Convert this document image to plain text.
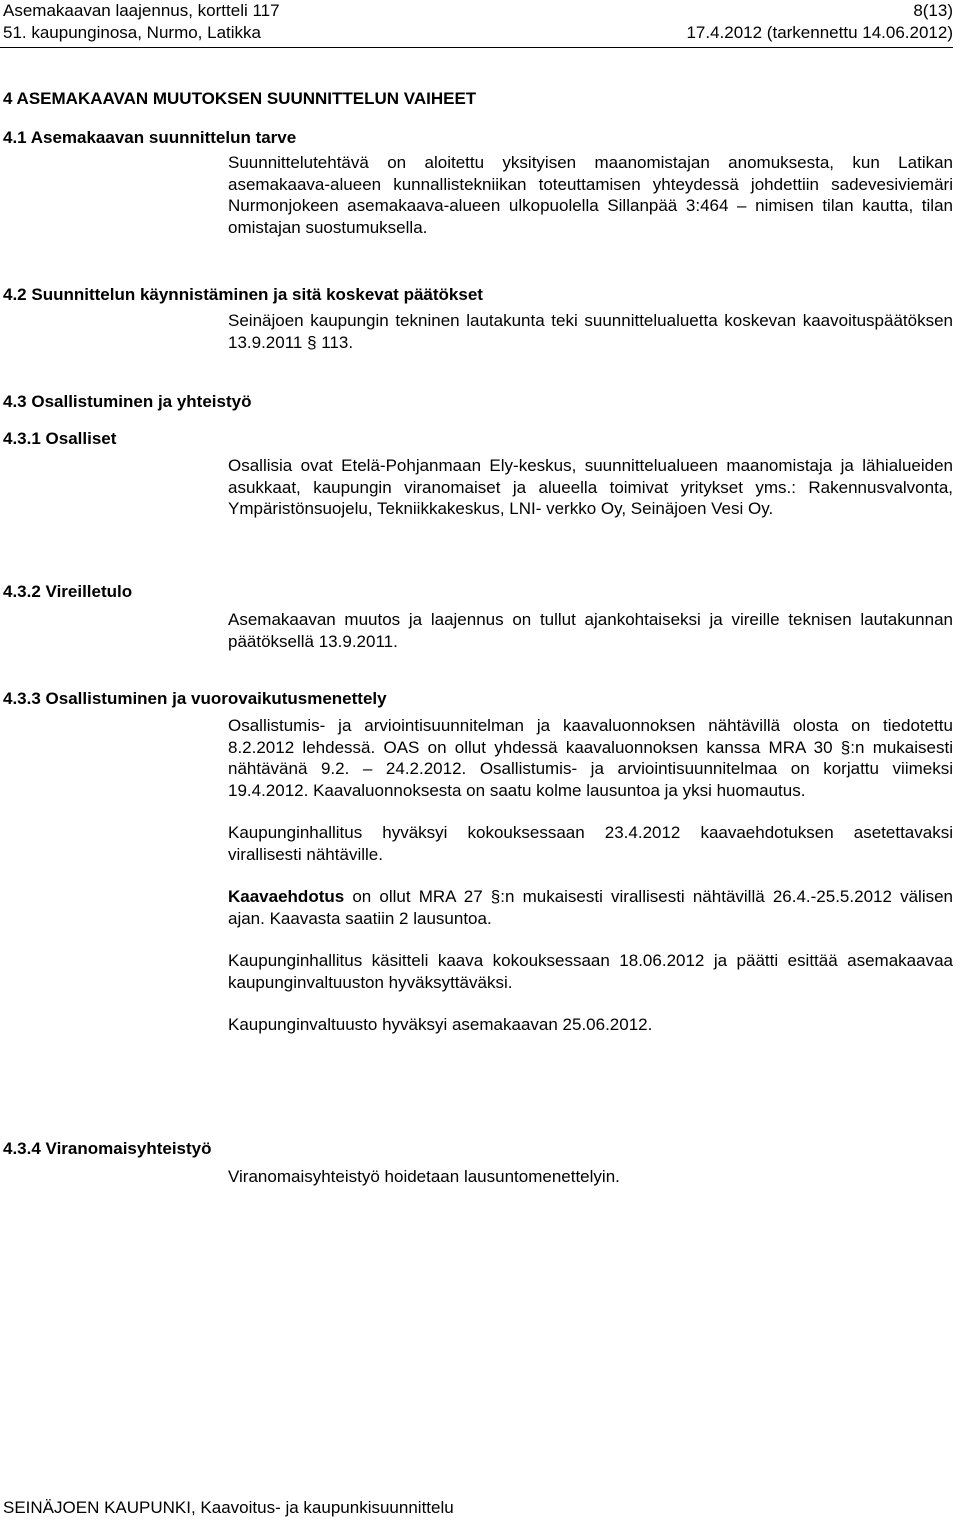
Asemakaavan laajennus, kortteli 117	8(13)
51. kaupunginosa, Nurmo, Latikka	17.4.2012 (tarkennettu 14.06.2012)
4 ASEMAKAAVAN MUUTOKSEN SUUNNITTELUN VAIHEET
4.1 Asemakaavan suunnittelun tarve

Suunnittelutehtävä on aloitettu yksityisen maanomistajan anomuksesta, kun Latikan asemakaava-alueen kunnallistekniikan toteuttamisen yhteydessä johdettiin sadevesiviemäri Nurmonjokeen asemakaava-alueen ulkopuolella Sillanpää 3:464 – nimisen tilan kautta, tilan omistajan suostumuksella.

4.2 Suunnittelun käynnistäminen ja sitä koskevat päätökset

Seinäjoen kaupungin tekninen lautakunta teki suunnittelualuetta koskevan kaavoituspäätöksen 13.9.2011 § 113.

4.3 Osallistuminen ja yhteistyö
4.3.1 Osalliset

Osallisia ovat Etelä-Pohjanmaan Ely-keskus, suunnittelualueen maanomistaja ja lähialueiden asukkaat, kaupungin viranomaiset ja alueella toimivat yritykset yms.: Rakennusvalvonta, Ympäristönsuojelu, Tekniikkakeskus, LNI- verkko Oy, Seinäjoen Vesi Oy.

4.3.2 Vireilletulo

Asemakaavan muutos ja laajennus on tullut ajankohtaiseksi ja vireille teknisen lautakunnan päätöksellä 13.9.2011.

4.3.3 Osallistuminen ja vuorovaikutusmenettely

Osallistumis- ja arviointisuunnitelman ja kaavaluonnoksen nähtävillä olosta on tiedotettu 8.2.2012 lehdessä. OAS on ollut yhdessä kaavaluonnoksen kanssa MRA 30 §:n mukaisesti nähtävänä 9.2. – 24.2.2012. Osallistumis- ja arviointisuunnitelmaa on korjattu viimeksi 19.4.2012. Kaavaluonnoksesta on saatu kolme lausuntoa ja yksi huomautus.

Kaupunginhallitus hyväksyi kokouksessaan 23.4.2012 kaavaehdotuksen asetettavaksi virallisesti nähtäville.

Kaavaehdotus on ollut MRA 27 §:n mukaisesti virallisesti nähtävillä 26.4.-25.5.2012 välisen ajan. Kaavasta saatiin 2 lausuntoa.

Kaupunginhallitus käsitteli kaava kokouksessaan 18.06.2012 ja päätti esittää asemakaavaa kaupunginvaltuuston hyväksyttäväksi.

Kaupunginvaltuusto hyväksyi asemakaavan 25.06.2012.

4.3.4 Viranomaisyhteistyö

Viranomaisyhteistyö hoidetaan lausuntomenettelyin.

SEINÄJOEN KAUPUNKI, Kaavoitus- ja kaupunkisuunnittelu
